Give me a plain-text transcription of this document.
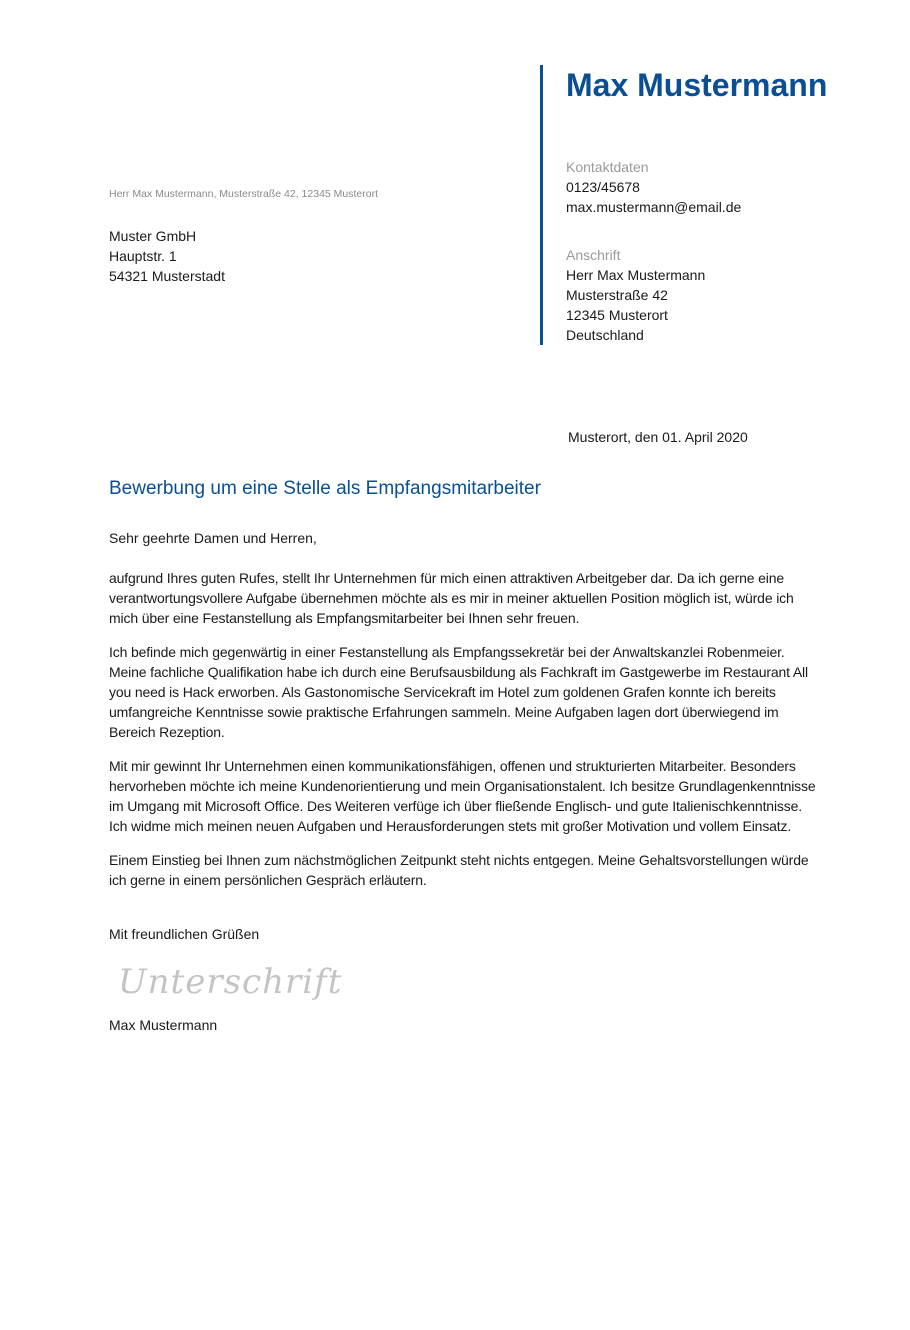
Herr Max Mustermann, Musterstraße 42, 12345 Musterort
Muster GmbH
Hauptstr. 1
54321 Musterstadt
Max Mustermann
Kontaktdaten
0123/45678
max.mustermann@email.de
Anschrift
Herr Max Mustermann
Musterstraße 42
12345 Musterort
Deutschland
Musterort, den 01. April 2020
Bewerbung um eine Stelle als Empfangsmitarbeiter
Sehr geehrte Damen und Herren,

aufgrund Ihres guten Rufes, stellt Ihr Unternehmen für mich einen attraktiven Arbeitgeber dar. Da ich gerne eine verantwortungsvollere Aufgabe übernehmen möchte als es mir in meiner aktuellen Position möglich ist, würde ich mich über eine Festanstellung als Empfangsmitarbeiter bei Ihnen sehr freuen.

Ich befinde mich gegenwärtig in einer Festanstellung als Empfangssekretär bei der Anwaltskanzlei Robenmeier. Meine fachliche Qualifikation habe ich durch eine Berufsausbildung als Fachkraft im Gastgewerbe im Restaurant All you need is Hack erworben. Als Gastonomische Servicekraft im Hotel zum goldenen Grafen konnte ich bereits umfangreiche Kenntnisse sowie praktische Erfahrungen sammeln. Meine Aufgaben lagen dort überwiegend im Bereich Rezeption.

Mit mir gewinnt Ihr Unternehmen einen kommunikationsfähigen, offenen und strukturierten Mitarbeiter. Besonders hervorheben möchte ich meine Kundenorientierung und mein Organisationstalent. Ich besitze Grundlagenkenntnisse im Umgang mit Microsoft Office. Des Weiteren verfüge ich über fließende Englisch- und gute Italienischkenntnisse. Ich widme mich meinen neuen Aufgaben und Herausforderungen stets mit großer Motivation und vollem Einsatz.

Einem Einstieg bei Ihnen zum nächstmöglichen Zeitpunkt steht nichts entgegen. Meine Gehaltsvorstellungen würde ich gerne in einem persönlichen Gespräch erläutern.

Mit freundlichen Grüßen
Unterschrift
Max Mustermann
